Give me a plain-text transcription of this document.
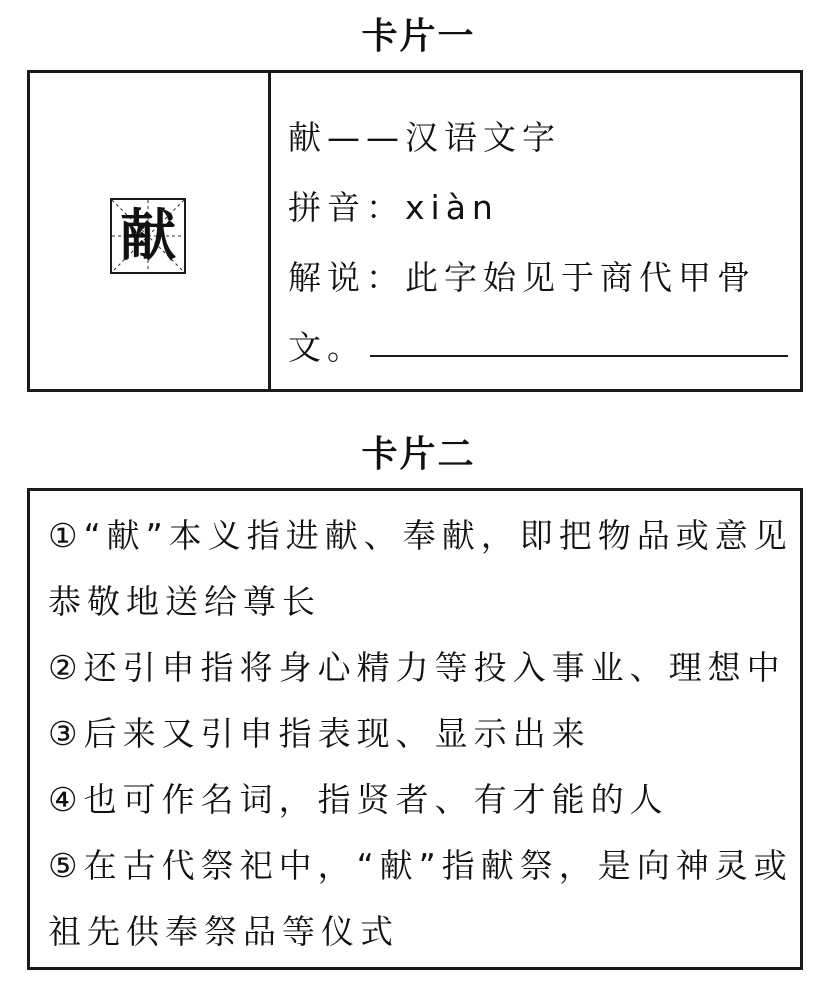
卡片一
献
献——汉语文字
拼音：xiàn
解说：此字始见于商代甲骨
文。
卡片二
①“献”本义指进献、奉献，即把物品或意见
恭敬地送给尊长
②还引申指将身心精力等投入事业、理想中
③后来又引申指表现、显示出来
④也可作名词，指贤者、有才能的人
⑤在古代祭祀中，“献”指献祭，是向神灵或
祖先供奉祭品等仪式
